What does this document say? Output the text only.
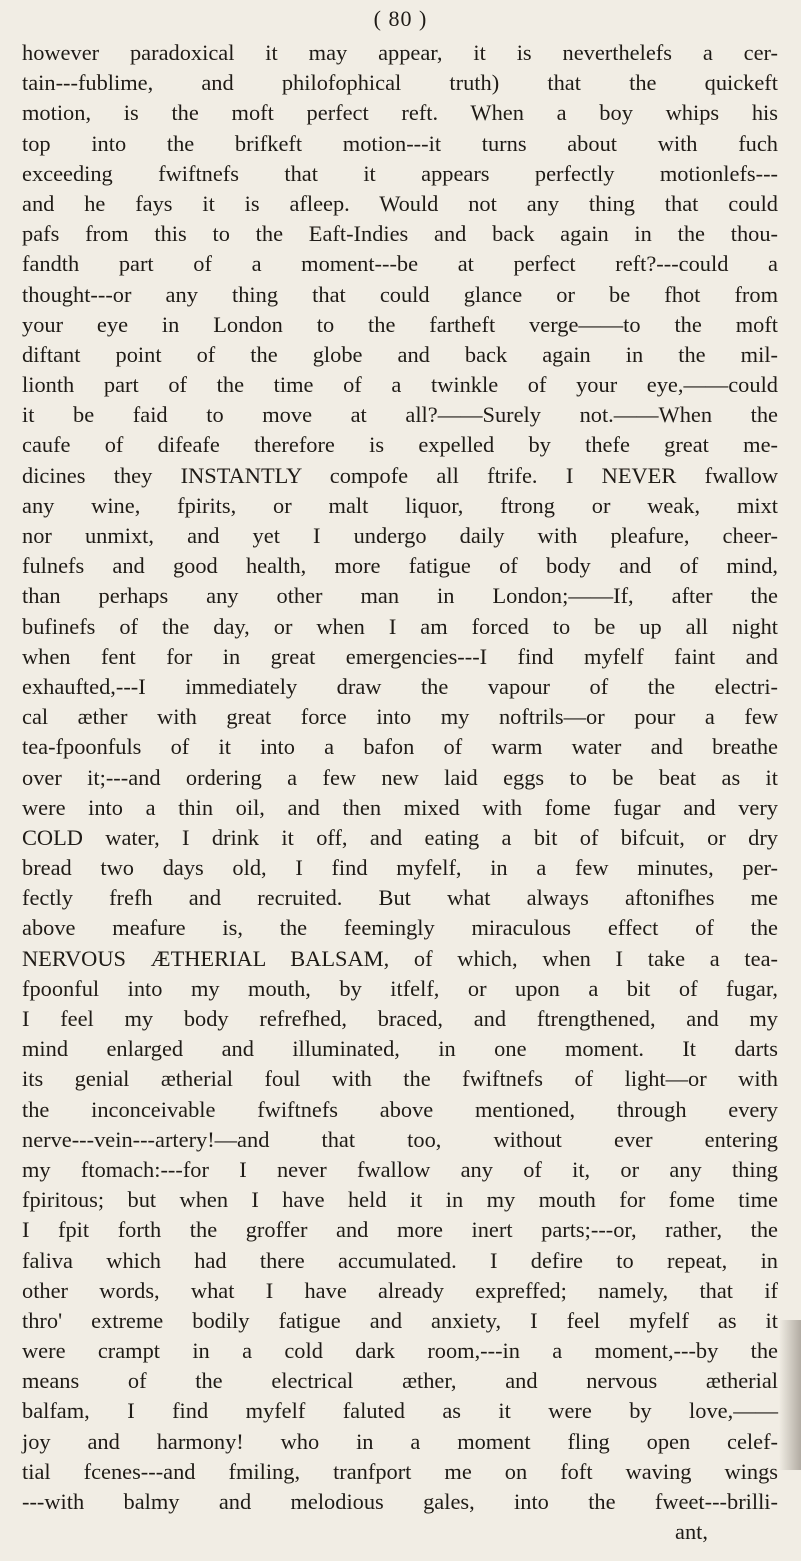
( 80 )
however paradoxical it may appear, it is neverthelefs a cer-
tain---fublime, and philofophical truth) that the quickeft
motion, is the moft perfect reft. When a boy whips his
top into the brifkeft motion---it turns about with fuch
exceeding fwiftnefs that it appears perfectly motionlefs---
and he fays it is afleep. Would not any thing that could
pafs from this to the Eaft-Indies and back again in the thou-
fandth part of a moment---be at perfect reft?---could a
thought---or any thing that could glance or be fhot from
your eye in London to the fartheft verge——to the moft
diftant point of the globe and back again in the mil-
lionth part of the time of a twinkle of your eye,——could
it be faid to move at all?——Surely not.——When the
caufe of difeafe therefore is expelled by thefe great me-
dicines they INSTANTLY compofe all ftrife. I NEVER fwallow
any wine, fpirits, or malt liquor, ftrong or weak, mixt
nor unmixt, and yet I undergo daily with pleafure, cheer-
fulnefs and good health, more fatigue of body and of mind,
than perhaps any other man in London;——If, after the
bufinefs of the day, or when I am forced to be up all night
when fent for in great emergencies---I find myfelf faint and
exhaufted,---I immediately draw the vapour of the electri-
cal æther with great force into my noftrils—or pour a few
tea-fpoonfuls of it into a bafon of warm water and breathe
over it;---and ordering a few new laid eggs to be beat as it
were into a thin oil, and then mixed with fome fugar and very
COLD water, I drink it off, and eating a bit of bifcuit, or dry
bread two days old, I find myfelf, in a few minutes, per-
fectly frefh and recruited. But what always aftonifhes me
above meafure is, the feemingly miraculous effect of the
NERVOUS ÆTHERIAL BALSAM, of which, when I take a tea-
fpoonful into my mouth, by itfelf, or upon a bit of fugar,
I feel my body refrefhed, braced, and ftrengthened, and my
mind enlarged and illuminated, in one moment. It darts
its genial ætherial foul with the fwiftnefs of light—or with
the inconceivable fwiftnefs above mentioned, through every
nerve---vein---artery!—and that too, without ever entering
my ftomach:---for I never fwallow any of it, or any thing
fpiritous; but when I have held it in my mouth for fome time
I fpit forth the groffer and more inert parts;---or, rather, the
faliva which had there accumulated. I defire to repeat, in
other words, what I have already expreffed; namely, that if
thro' extreme bodily fatigue and anxiety, I feel myfelf as it
were crampt in a cold dark room,---in a moment,---by the
means of the electrical æther, and nervous ætherial
balfam, I find myfelf faluted as it were by love,——
joy and harmony! who in a moment fling open celef-
tial fcenes---and fmiling, tranfport me on foft waving wings
---with balmy and melodious gales, into the fweet---brilli-
ant,
